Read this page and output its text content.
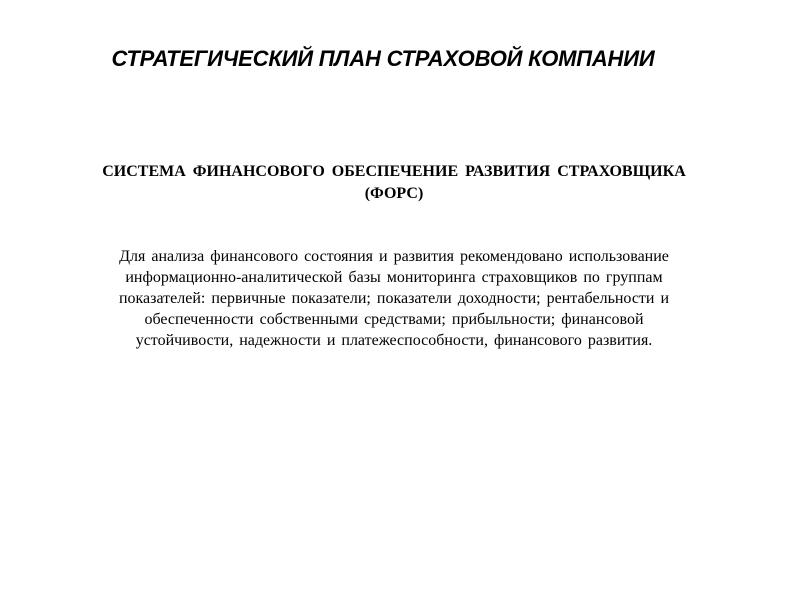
СТРАТЕГИЧЕСКИЙ ПЛАН СТРАХОВОЙ КОМПАНИИ
СИСТЕМА ФИНАНСОВОГО ОБЕСПЕЧЕНИЕ РАЗВИТИЯ СТРАХОВЩИКА
(ФОРС)
Для анализа финансового состояния и развития рекомендовано использование
информационно-аналитической базы мониторинга страховщиков по группам
показателей: первичные показатели; показатели доходности; рентабельности и
обеспеченности собственными средствами; прибыльности; финансовой
устойчивости, надежности и платежеспособности, финансового развития.
